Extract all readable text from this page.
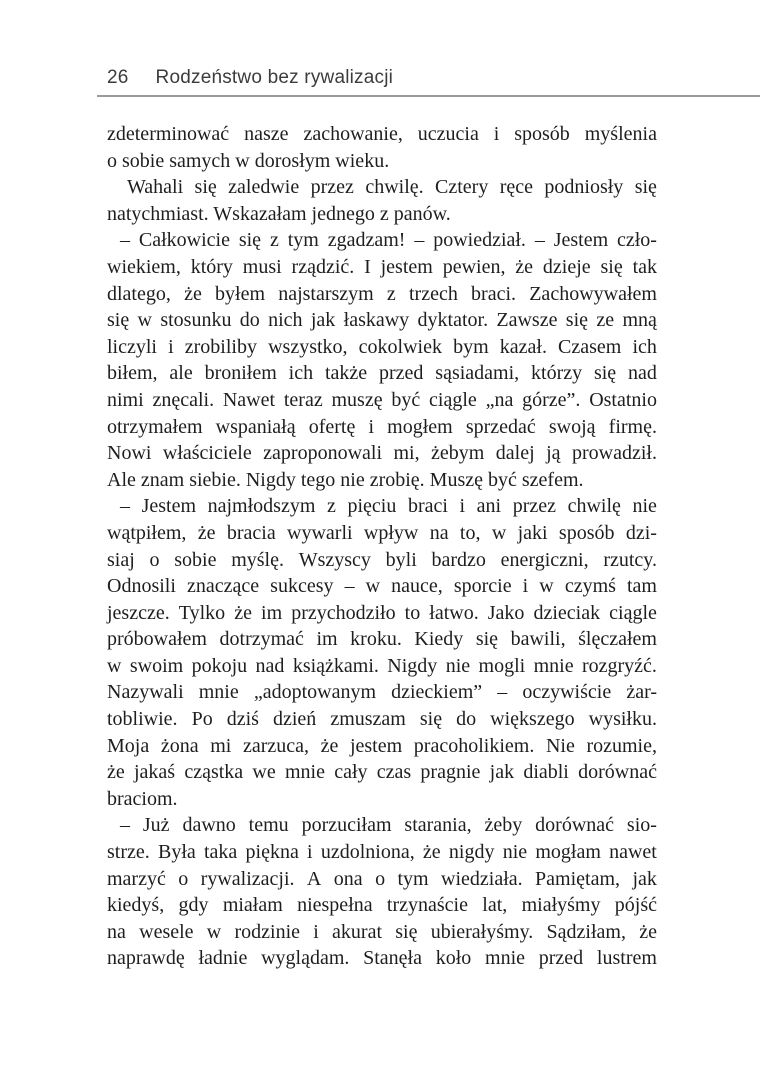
26 Rodzeństwo bez rywalizacji
zdeterminować nasze zachowanie, uczucia i sposób myślenia
o sobie samych w dorosłym wieku.
Wahali się zaledwie przez chwilę. Cztery ręce podniosły się
natychmiast. Wskazałam jednego z panów.
– Całkowicie się z tym zgadzam! – powiedział. – Jestem czło-
wiekiem, który musi rządzić. I jestem pewien, że dzieje się tak
dlatego, że byłem najstarszym z trzech braci. Zachowywałem
się w stosunku do nich jak łaskawy dyktator. Zawsze się ze mną
liczyli i zrobiliby wszystko, cokolwiek bym kazał. Czasem ich
biłem, ale broniłem ich także przed sąsiadami, którzy się nad
nimi znęcali. Nawet teraz muszę być ciągle „na górze”. Ostatnio
otrzymałem wspaniałą ofertę i mogłem sprzedać swoją firmę.
Nowi właściciele zaproponowali mi, żebym dalej ją prowadził.
Ale znam siebie. Nigdy tego nie zrobię. Muszę być szefem.
– Jestem najmłodszym z pięciu braci i ani przez chwilę nie
wątpiłem, że bracia wywarli wpływ na to, w jaki sposób dzi-
siaj o sobie myślę. Wszyscy byli bardzo energiczni, rzutcy.
Odnosili znaczące sukcesy – w nauce, sporcie i w czymś tam
jeszcze. Tylko że im przychodziło to łatwo. Jako dzieciak ciągle
próbowałem dotrzymać im kroku. Kiedy się bawili, ślęczałem
w swoim pokoju nad książkami. Nigdy nie mogli mnie rozgryźć.
Nazywali mnie „adoptowanym dzieckiem” – oczywiście żar-
tobliwie. Po dziś dzień zmuszam się do większego wysiłku.
Moja żona mi zarzuca, że jestem pracoholikiem. Nie rozumie,
że jakaś cząstka we mnie cały czas pragnie jak diabli dorównać
braciom.
– Już dawno temu porzuciłam starania, żeby dorównać sio-
strze. Była taka piękna i uzdolniona, że nigdy nie mogłam nawet
marzyć o rywalizacji. A ona o tym wiedziała. Pamiętam, jak
kiedyś, gdy miałam niespełna trzynaście lat, miałyśmy pójść
na wesele w rodzinie i akurat się ubierałyśmy. Sądziłam, że
naprawdę ładnie wyglądam. Stanęła koło mnie przed lustrem
